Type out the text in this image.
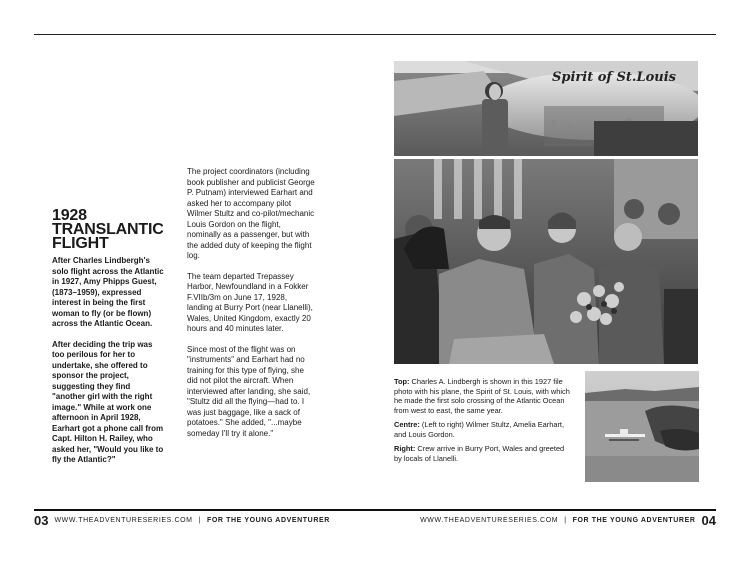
1928 TRANSLANTIC FLIGHT

After Charles Lindbergh's solo flight across the Atlantic in 1927, Amy Phipps Guest, (1873–1959), expressed interest in being the first woman to fly (or be flown) across the Atlantic Ocean.

After deciding the trip was too perilous for her to undertake, she offered to sponsor the project, suggesting they find "another girl with the right image." While at work one afternoon in April 1928, Earhart got a phone call from Capt. Hilton H. Railey, who asked her, "Would you like to fly the Atlantic?"

The project coordinators (including book publisher and publicist George P. Putnam) interviewed Earhart and asked her to accompany pilot Wilmer Stultz and co-pilot/mechanic Louis Gordon on the flight, nominally as a passenger, but with the added duty of keeping the flight log.

The team departed Trepassey Harbor, Newfoundland in a Fokker F.VIIb/3m on June 17, 1928, landing at Burry Port (near Llanelli), Wales, United Kingdom, exactly 20 hours and 40 minutes later.

Since most of the flight was on "instruments" and Earhart had no training for this type of flying, she did not pilot the aircraft. When interviewed after landing, she said, "Stultz did all the flying—had to. I was just baggage, like a sack of potatoes." She added, "...maybe someday I'll try it alone."

Spirit of St.Louis

Top: Charles A. Lindbergh is shown in this 1927 file photo with his plane, the Spirit of St. Louis, with which he made the first solo crossing of the Atlantic Ocean from west to east, the same year.

Centre: (Left to right) Wilmer Stultz, Amelia Earhart, and Louis Gordon.

Right: Crew arrive in Burry Port, Wales and greeted by locals of Llanelli.

03 WWW.THEADVENTURESERIES.COM | FOR THE YOUNG ADVENTURER	WWW.THEADVENTURESERIES.COM | FOR THE YOUNG ADVENTURER 04
